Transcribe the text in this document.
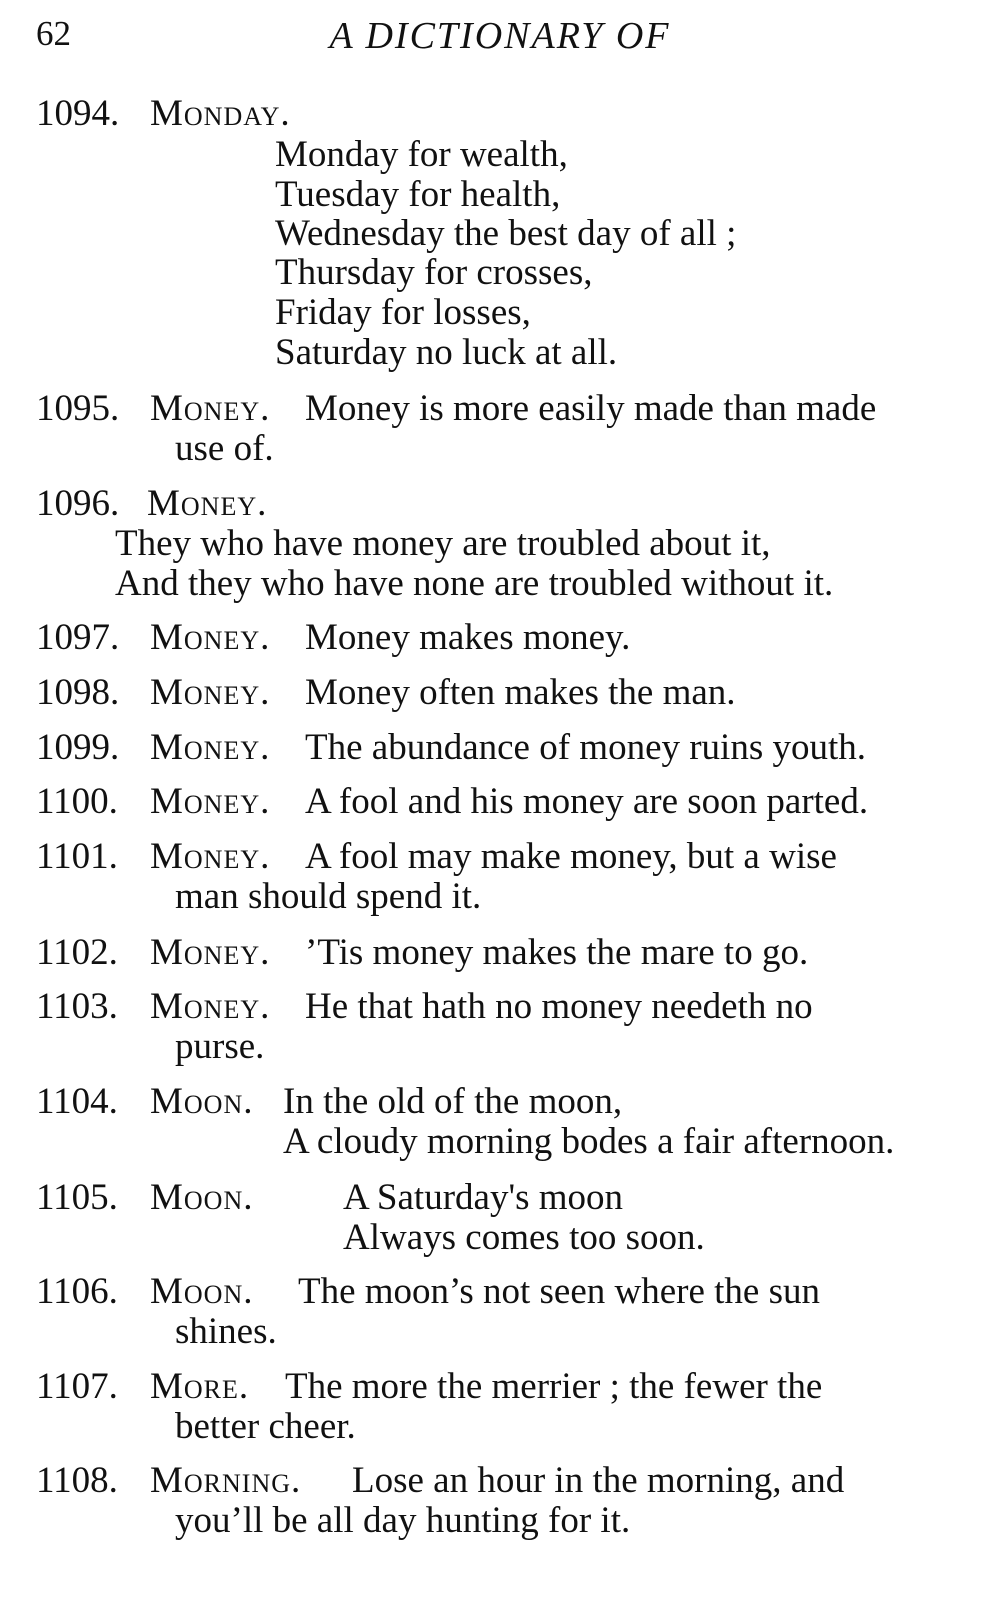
62	A DICTIONARY OF
1094. Monday.
Monday for wealth,
Tuesday for health,
Wednesday the best day of all ;
Thursday for crosses,
Friday for losses,
Saturday no luck at all.
1095. Money. Money is more easily made than made
use of.
1096. Money.
They who have money are troubled about it,
And they who have none are troubled without it.
1097. Money. Money makes money.
1098. Money. Money often makes the man.
1099. Money. The abundance of money ruins youth.
1100. Money. A fool and his money are soon parted.
1101. Money. A fool may make money, but a wise
man should spend it.
1102. Money. ’Tis money makes the mare to go.
1103. Money. He that hath no money needeth no
purse.
1104. Moon. In the old of the moon,
A cloudy morning bodes a fair afternoon.
1105. Moon. A Saturday's moon
Always comes too soon.
1106. Moon. The moon’s not seen where the sun
shines.
1107. More. The more the merrier ; the fewer the
better cheer.
1108. Morning. Lose an hour in the morning, and
you’ll be all day hunting for it.
